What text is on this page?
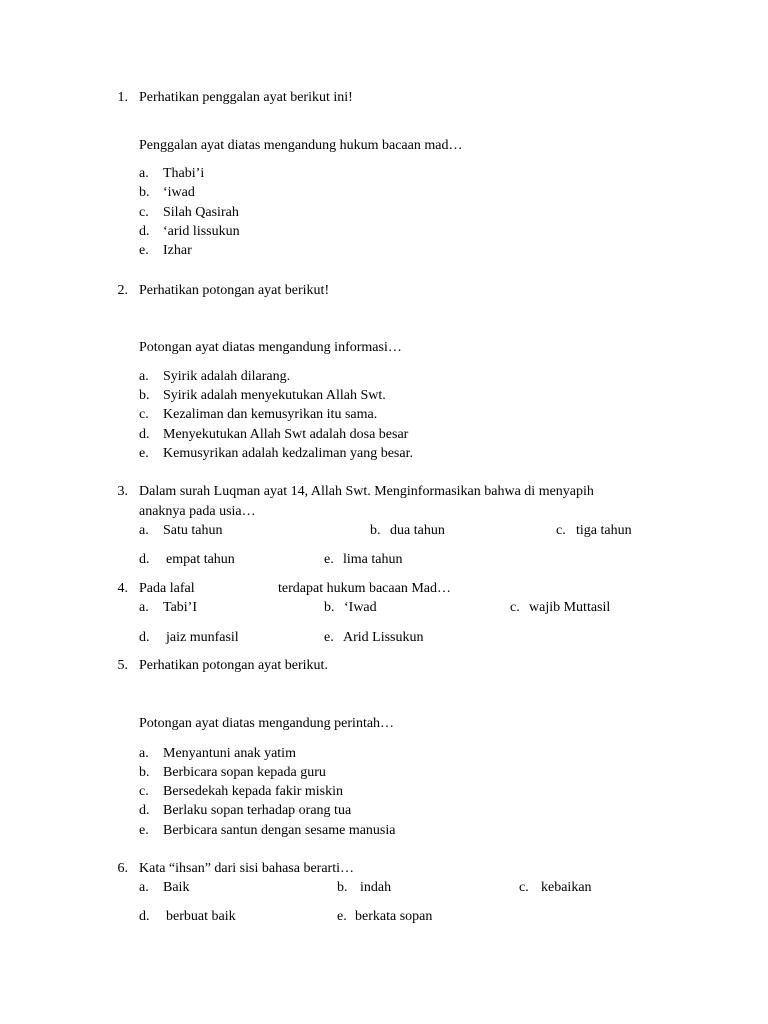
1. Perhatikan penggalan ayat berikut ini!
Penggalan ayat diatas mengandung hukum bacaan mad…
a.	Thabi’i
b. ‘iwad
c.	Silah Qasirah
d. ‘arid lissukun
e.	Izhar
2. Perhatikan potongan ayat berikut!
Potongan ayat diatas mengandung informasi…
a.	Syirik adalah dilarang.
b. Syirik adalah menyekutukan Allah Swt.
c.	Kezaliman dan kemusyrikan itu sama.
d. Menyekutukan Allah Swt adalah dosa besar
e.	Kemusyrikan adalah kedzaliman yang besar.
3. Dalam surah Luqman ayat 14, Allah Swt. Menginformasikan bahwa di menyapih
anaknya pada usia…
a.	Satu tahun	b. dua tahun	c. tiga tahun
d.	empat tahun	e. lima tahun
4. Pada lafal	terdapat hukum bacaan Mad…
a.	Tabi’I	b. ‘Iwad	c. wajib Muttasil
d.	jaiz munfasil	e. Arid Lissukun
5. Perhatikan potongan ayat berikut.
Potongan ayat diatas mengandung perintah…
a.	Menyantuni anak yatim
b. Berbicara sopan kepada guru
c.	Bersedekah kepada fakir miskin
d. Berlaku sopan terhadap orang tua
e.	Berbicara santun dengan sesame manusia
6. Kata “ihsan” dari sisi bahasa berarti…
a.	Baik	b. indah	c. kebaikan
d.	berbuat baik	e. berkata sopan
